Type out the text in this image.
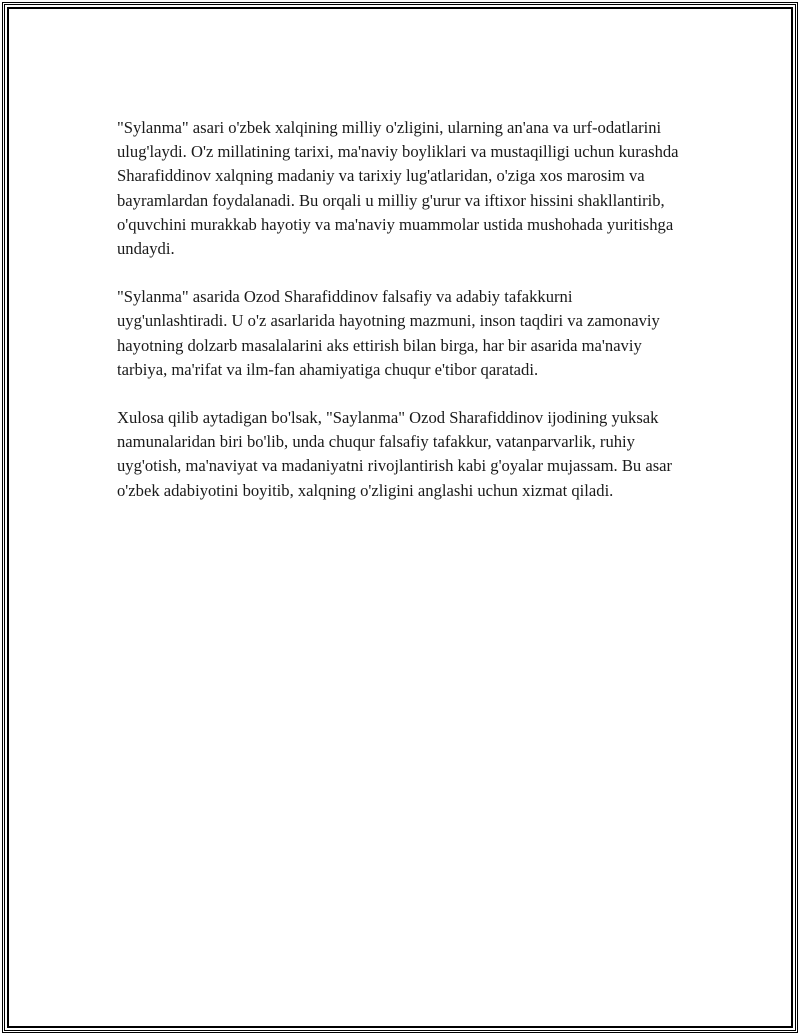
"Sylanma" asari o'zbek xalqining milliy o'zligini, ularning an'ana va urf-odatlarini ulug'laydi. O'z millatining tarixi, ma'naviy boyliklari va mustaqilligi uchun kurashda Sharafiddinov xalqning madaniy va tarixiy lug'atlaridan, o'ziga xos marosim va bayramlardan foydalanadi. Bu orqali u milliy g'urur va iftixor hissini shakllantirib, o'quvchini murakkab hayotiy va ma'naviy muammolar ustida mushohada yuritishga undaydi.

"Sylanma" asarida Ozod Sharafiddinov falsafiy va adabiy tafakkurni uyg'unlashtiradi. U o'z asarlarida hayotning mazmuni, inson taqdiri va zamonaviy hayotning dolzarb masalalarini aks ettirish bilan birga, har bir asarida ma'naviy tarbiya, ma'rifat va ilm-fan ahamiyatiga chuqur e'tibor qaratadi.

Xulosa qilib aytadigan bo'lsak, "Saylanma" Ozod Sharafiddinov ijodining yuksak namunalaridan biri bo'lib, unda chuqur falsafiy tafakkur, vatanparvarlik, ruhiy uyg'otish, ma'naviyat va madaniyatni rivojlantirish kabi g'oyalar mujassam. Bu asar o'zbek adabiyotini boyitib, xalqning o'zligini anglashi uchun xizmat qiladi.
